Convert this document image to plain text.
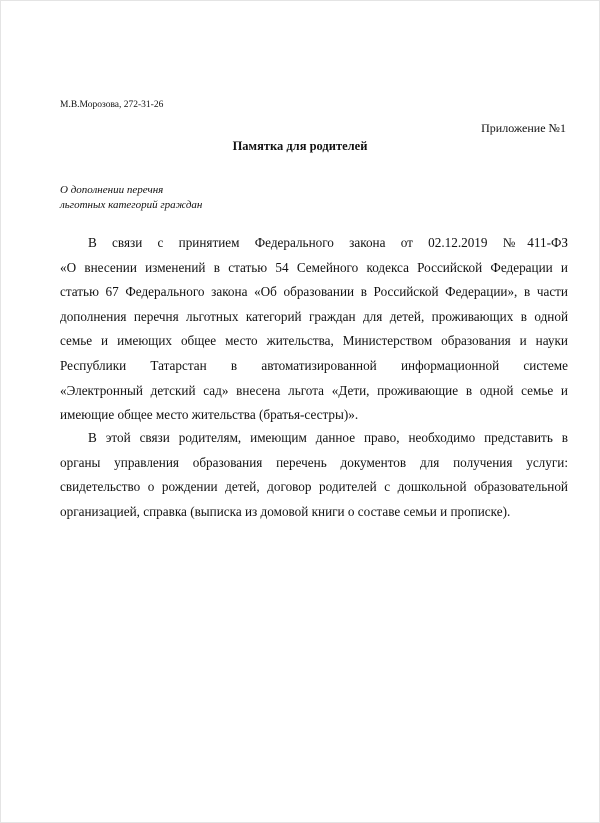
М.В.Морозова, 272-31-26
Приложение №1
Памятка для родителей
О дополнении перечня
льготных категорий граждан
В связи с принятием Федерального закона от 02.12.2019 №411-ФЗ
«О внесении изменений в статью 54 Семейного кодекса Российской Федерации и
статью 67 Федерального закона «Об образовании в Российской Федерации», в части
дополнения перечня льготных категорий граждан для детей, проживающих в одной
семье и имеющих общее место жительства, Министерством образования и науки
Республики Татарстан в автоматизированной информационной системе
«Электронный детский сад» внесена льгота «Дети, проживающие в одной семье и
имеющие общее место жительства (братья-сестры)».
В этой связи родителям, имеющим данное право, необходимо представить в
органы управления образования перечень документов для получения услуги:
свидетельство о рождении детей, договор родителей с дошкольной образовательной
организацией, справка (выписка из домовой книги о составе семьи и прописке).
